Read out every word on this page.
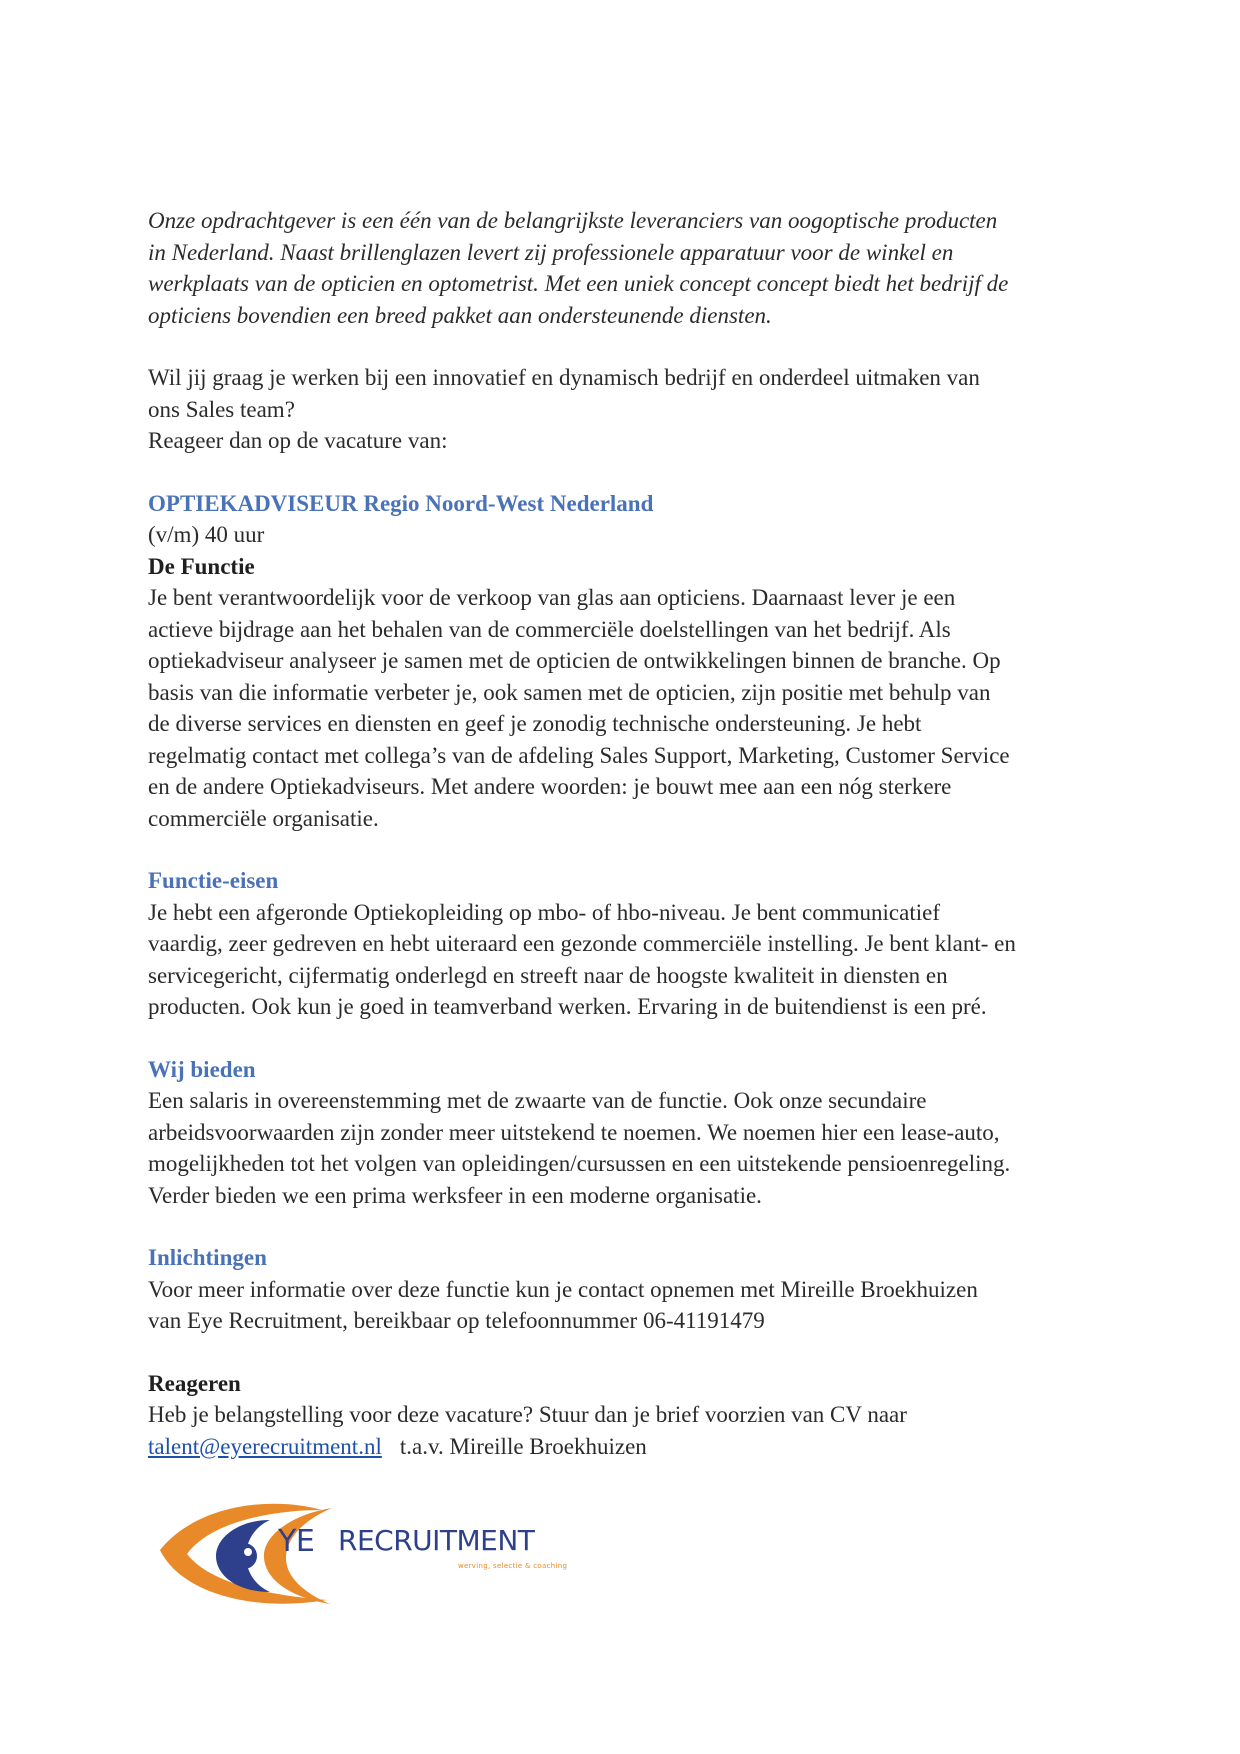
Onze opdrachtgever is een één van de belangrijkste leveranciers van oogoptische producten
in Nederland. Naast brillenglazen levert zij professionele apparatuur voor de winkel en
werkplaats van de opticien en optometrist. Met een uniek concept concept biedt het bedrijf de
opticiens bovendien een breed pakket aan ondersteunende diensten.
Wil jij graag je werken bij een innovatief en dynamisch bedrijf en onderdeel uitmaken van
ons Sales team?
Reageer dan op de vacature van:
OPTIEKADVISEUR Regio Noord-West Nederland
(v/m) 40 uur
De Functie
Je bent verantwoordelijk voor de verkoop van glas aan opticiens. Daarnaast lever je een
actieve bijdrage aan het behalen van de commerciële doelstellingen van het bedrijf. Als
optiekadviseur analyseer je samen met de opticien de ontwikkelingen binnen de branche. Op
basis van die informatie verbeter je, ook samen met de opticien, zijn positie met behulp van
de diverse services en diensten en geef je zonodig technische ondersteuning. Je hebt
regelmatig contact met collega’s van de afdeling Sales Support, Marketing, Customer Service
en de andere Optiekadviseurs. Met andere woorden: je bouwt mee aan een nóg sterkere
commerciële organisatie.
Functie-eisen
Je hebt een afgeronde Optiekopleiding op mbo- of hbo-niveau. Je bent communicatief
vaardig, zeer gedreven en hebt uiteraard een gezonde commerciële instelling. Je bent klant- en
servicegericht, cijfermatig onderlegd en streeft naar de hoogste kwaliteit in diensten en
producten. Ook kun je goed in teamverband werken. Ervaring in de buitendienst is een pré.
Wij bieden
Een salaris in overeenstemming met de zwaarte van de functie. Ook onze secundaire
arbeidsvoorwaarden zijn zonder meer uitstekend te noemen. We noemen hier een lease-auto,
mogelijkheden tot het volgen van opleidingen/cursussen en een uitstekende pensioenregeling.
Verder bieden we een prima werksfeer in een moderne organisatie.
Inlichtingen
Voor meer informatie over deze functie kun je contact opnemen met Mireille Broekhuizen
van Eye Recruitment, bereikbaar op telefoonnummer 06-41191479
Reageren
Heb je belangstelling voor deze vacature? Stuur dan je brief voorzien van CV naar
talent@eyerecruitment.nl t.a.v. Mireille Broekhuizen
YE RECRUITMENT
werving, selectie & coaching
